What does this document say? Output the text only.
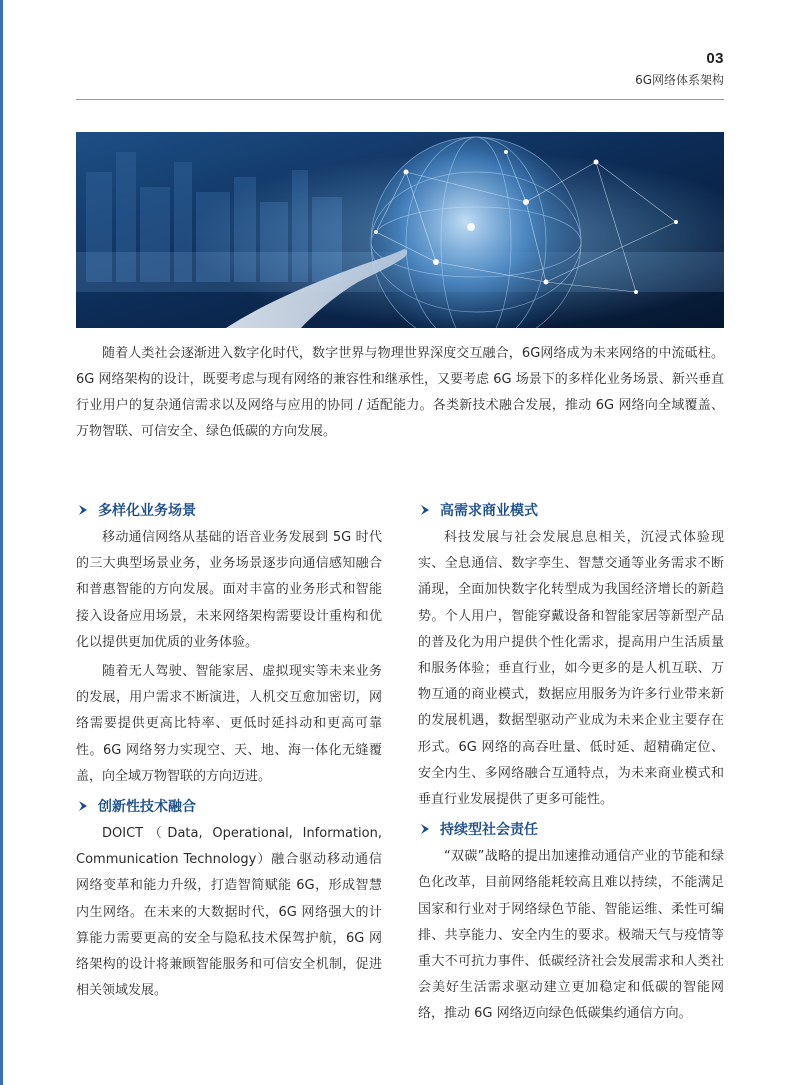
03
6G网络体系架构

随着人类社会逐渐进入数字化时代，数字世界与物理世界深度交互融合，6G网络成为未来网络的中流砥柱。6G 网络架构的设计，既要考虑与现有网络的兼容性和继承性，又要考虑 6G 场景下的多样化业务场景、新兴垂直行业用户的复杂通信需求以及网络与应用的协同 / 适配能力。各类新技术融合发展，推动 6G 网络向全域覆盖、万物智联、可信安全、绿色低碳的方向发展。

多样化业务场景

移动通信网络从基础的语音业务发展到 5G 时代的三大典型场景业务，业务场景逐步向通信感知融合和普惠智能的方向发展。面对丰富的业务形式和智能接入设备应用场景，未来网络架构需要设计重构和优化以提供更加优质的业务体验。

随着无人驾驶、智能家居、虚拟现实等未来业务的发展，用户需求不断演进，人机交互愈加密切，网络需要提供更高比特率、更低时延抖动和更高可靠性。6G 网络努力实现空、天、地、海一体化无缝覆盖，向全域万物智联的方向迈进。

创新性技术融合

DOICT（Data, Operational, Information, Communication Technology）融合驱动移动通信网络变革和能力升级，打造智简赋能 6G，形成智慧内生网络。在未来的大数据时代，6G 网络强大的计算能力需要更高的安全与隐私技术保驾护航，6G 网络架构的设计将兼顾智能服务和可信安全机制，促进相关领域发展。

高需求商业模式

科技发展与社会发展息息相关，沉浸式体验现实、全息通信、数字孪生、智慧交通等业务需求不断涌现，全面加快数字化转型成为我国经济增长的新趋势。个人用户，智能穿戴设备和智能家居等新型产品的普及化为用户提供个性化需求，提高用户生活质量和服务体验；垂直行业，如今更多的是人机互联、万物互通的商业模式，数据应用服务为许多行业带来新的发展机遇，数据型驱动产业成为未来企业主要存在形式。6G 网络的高吞吐量、低时延、超精确定位、安全内生、多网络融合互通特点，为未来商业模式和垂直行业发展提供了更多可能性。

持续型社会责任

“双碳”战略的提出加速推动通信产业的节能和绿色化改革，目前网络能耗较高且难以持续，不能满足国家和行业对于网络绿色节能、智能运维、柔性可编排、共享能力、安全内生的要求。极端天气与疫情等重大不可抗力事件、低碳经济社会发展需求和人类社会美好生活需求驱动建立更加稳定和低碳的智能网络，推动 6G 网络迈向绿色低碳集约通信方向。
